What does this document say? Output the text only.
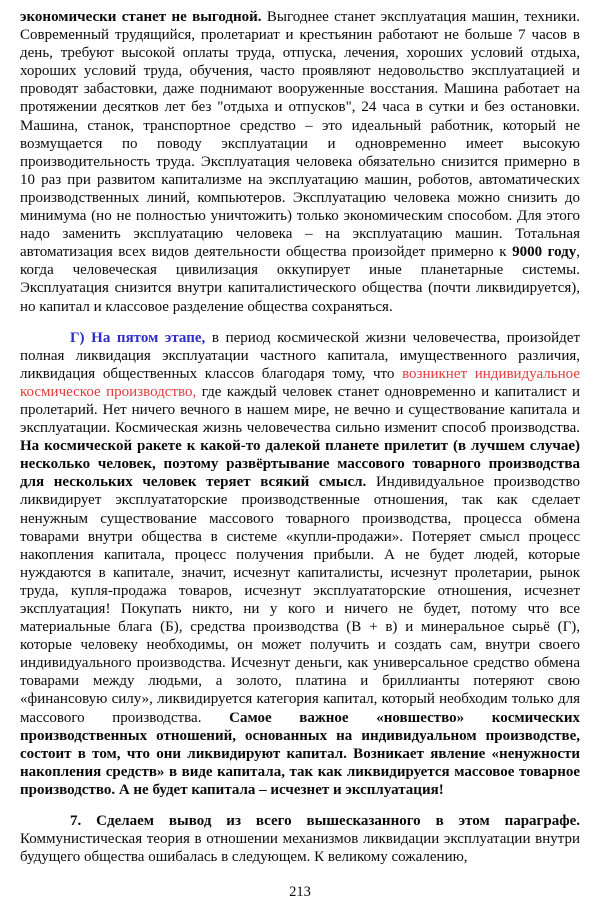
экономически станет не выгодной. Выгоднее станет эксплуатация машин, техники. Современный трудящийся, пролетариат и крестьянин работают не больше 7 часов в день, требуют высокой оплаты труда, отпуска, лечения, хороших условий отдыха, хороших условий труда, обучения, часто проявляют недовольство эксплуатацией и проводят забастовки, даже поднимают вооруженные восстания. Машина работает на протяжении десятков лет без "отдыха и отпусков", 24 часа в сутки и без остановки. Машина, станок, транспортное средство – это идеальный работник, который не возмущается по поводу эксплуатации и одновременно имеет высокую производительность труда. Эксплуатация человека обязательно снизится примерно в 10 раз при развитом капитализме на эксплуатацию машин, роботов, автоматических производственных линий, компьютеров. Эксплуатацию человека можно снизить до минимума (но не полностью уничтожить) только экономическим способом. Для этого надо заменить эксплуатацию человека – на эксплуатацию машин. Тотальная автоматизация всех видов деятельности общества произойдет примерно к 9000 году, когда человеческая цивилизация оккупирует иные планетарные системы. Эксплуатация снизится внутри капиталистического общества (почти ликвидируется), но капитал и классовое разделение общества сохраняться.

Г) На пятом этапе, в период космической жизни человечества, произойдет полная ликвидация эксплуатации частного капитала, имущественного различия, ликвидация общественных классов благодаря тому, что возникнет индивидуальное космическое производство, где каждый человек станет одновременно и капиталист и пролетарий. Нет ничего вечного в нашем мире, не вечно и существование капитала и эксплуатации. Космическая жизнь человечества сильно изменит способ производства. На космической ракете к какой-то далекой планете прилетит (в лучшем случае) несколько человек, поэтому развёртывание массового товарного производства для нескольких человек теряет всякий смысл. Индивидуальное производство ликвидирует эксплуататорские производственные отношения, так как сделает ненужным существование массового товарного производства, процесса обмена товарами внутри общества в системе «купли-продажи». Потеряет смысл процесс накопления капитала, процесс получения прибыли. А не будет людей, которые нуждаются в капитале, значит, исчезнут капиталисты, исчезнут пролетарии, рынок труда, купля-продажа товаров, исчезнут эксплуататорские отношения, исчезнет эксплуатация! Покупать никто, ни у кого и ничего не будет, потому что все материальные блага (Б), средства производства (В + в) и минеральное сырьё (Г), которые человеку необходимы, он может получить и создать сам, внутри своего индивидуального производства. Исчезнут деньги, как универсальное средство обмена товарами между людьми, а золото, платина и бриллианты потеряют свою «финансовую силу», ликвидируется категория капитал, который необходим только для массового производства. Самое важное «новшество» космических производственных отношений, основанных на индивидуальном производстве, состоит в том, что они ликвидируют капитал. Возникает явление «ненужности накопления средств» в виде капитала, так как ликвидируется массовое товарное производство. А не будет капитала – исчезнет и эксплуатация!

7. Сделаем вывод из всего вышесказанного в этом параграфе. Коммунистическая теория в отношении механизмов ликвидации эксплуатации внутри будущего общества ошибалась в следующем. К великому сожалению,

213
